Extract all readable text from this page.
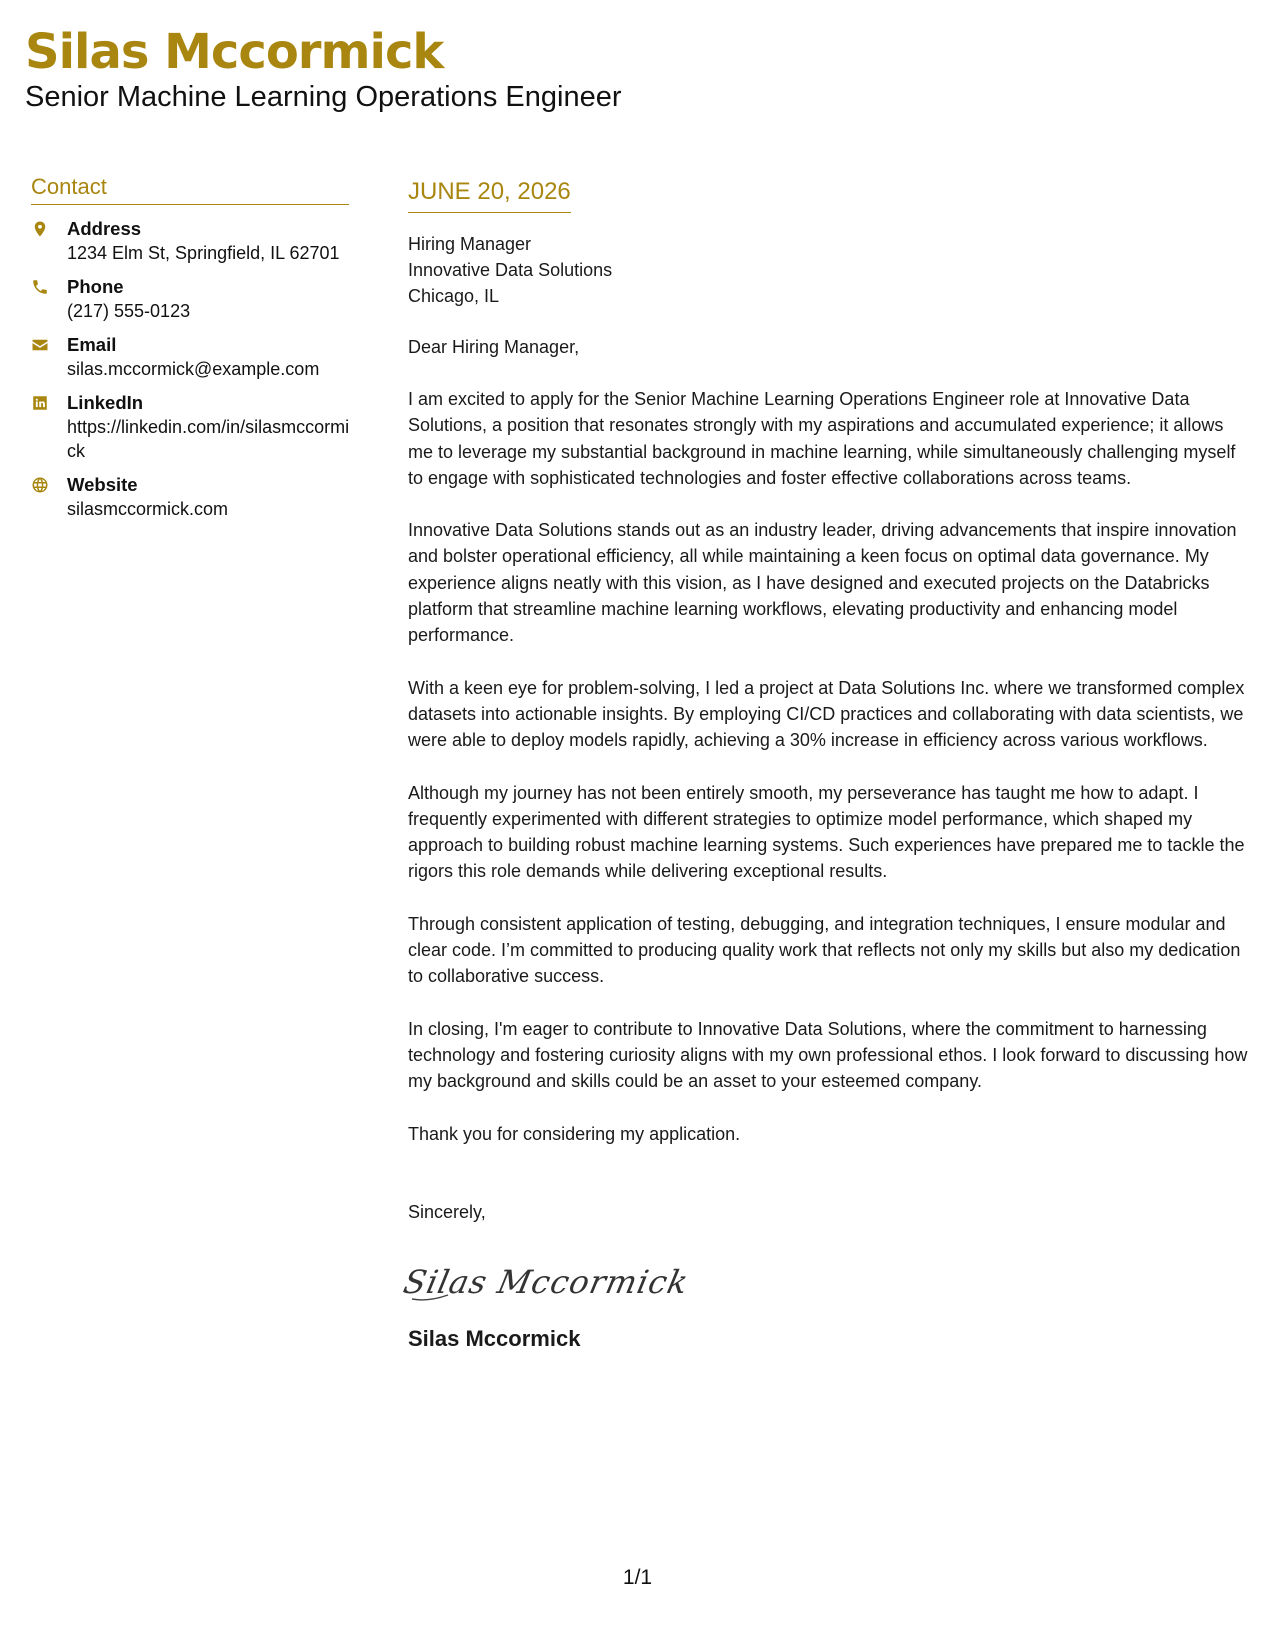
Silas Mccormick
Senior Machine Learning Operations Engineer
Contact
Address
1234 Elm St, Springfield, IL 62701
Phone
(217) 555-0123
Email
silas.mccormick@example.com
LinkedIn
https://linkedin.com/in/silasmccormick
Website
silasmccormick.com
JUNE 20, 2026
Hiring Manager
Innovative Data Solutions
Chicago, IL
Dear Hiring Manager,
I am excited to apply for the Senior Machine Learning Operations Engineer role at Innovative Data Solutions, a position that resonates strongly with my aspirations and accumulated experience; it allows me to leverage my substantial background in machine learning, while simultaneously challenging myself to engage with sophisticated technologies and foster effective collaborations across teams.
Innovative Data Solutions stands out as an industry leader, driving advancements that inspire innovation and bolster operational efficiency, all while maintaining a keen focus on optimal data governance. My experience aligns neatly with this vision, as I have designed and executed projects on the Databricks platform that streamline machine learning workflows, elevating productivity and enhancing model performance.
With a keen eye for problem-solving, I led a project at Data Solutions Inc. where we transformed complex datasets into actionable insights. By employing CI/CD practices and collaborating with data scientists, we were able to deploy models rapidly, achieving a 30% increase in efficiency across various workflows.
Although my journey has not been entirely smooth, my perseverance has taught me how to adapt. I frequently experimented with different strategies to optimize model performance, which shaped my approach to building robust machine learning systems. Such experiences have prepared me to tackle the rigors this role demands while delivering exceptional results.
Through consistent application of testing, debugging, and integration techniques, I ensure modular and clear code. I’m committed to producing quality work that reflects not only my skills but also my dedication to collaborative success.
In closing, I'm eager to contribute to Innovative Data Solutions, where the commitment to harnessing technology and fostering curiosity aligns with my own professional ethos. I look forward to discussing how my background and skills could be an asset to your esteemed company.
Thank you for considering my application.
Sincerely,
Silas Mccormick
Silas Mccormick
1/1
